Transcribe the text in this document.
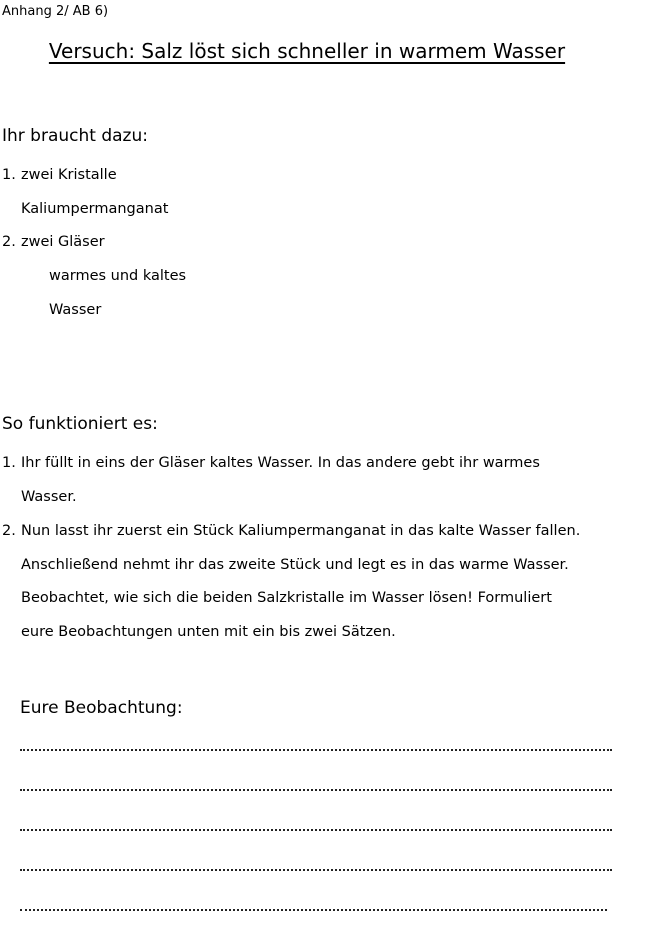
Anhang 2/ AB 6)
Versuch: Salz löst sich schneller in warmem Wasser
Ihr braucht dazu:
1. zwei Kristalle
Kaliumpermanganat
2. zwei Gläser
warmes und kaltes
Wasser
So funktioniert es:
1. Ihr füllt in eins der Gläser kaltes Wasser. In das andere gebt ihr warmes
Wasser.
2. Nun lasst ihr zuerst ein Stück Kaliumpermanganat in das kalte Wasser fallen.
Anschließend nehmt ihr das zweite Stück und legt es in das warme Wasser.
Beobachtet, wie sich die beiden Salzkristalle im Wasser lösen! Formuliert
eure Beobachtungen unten mit ein bis zwei Sätzen.
Eure Beobachtung:
